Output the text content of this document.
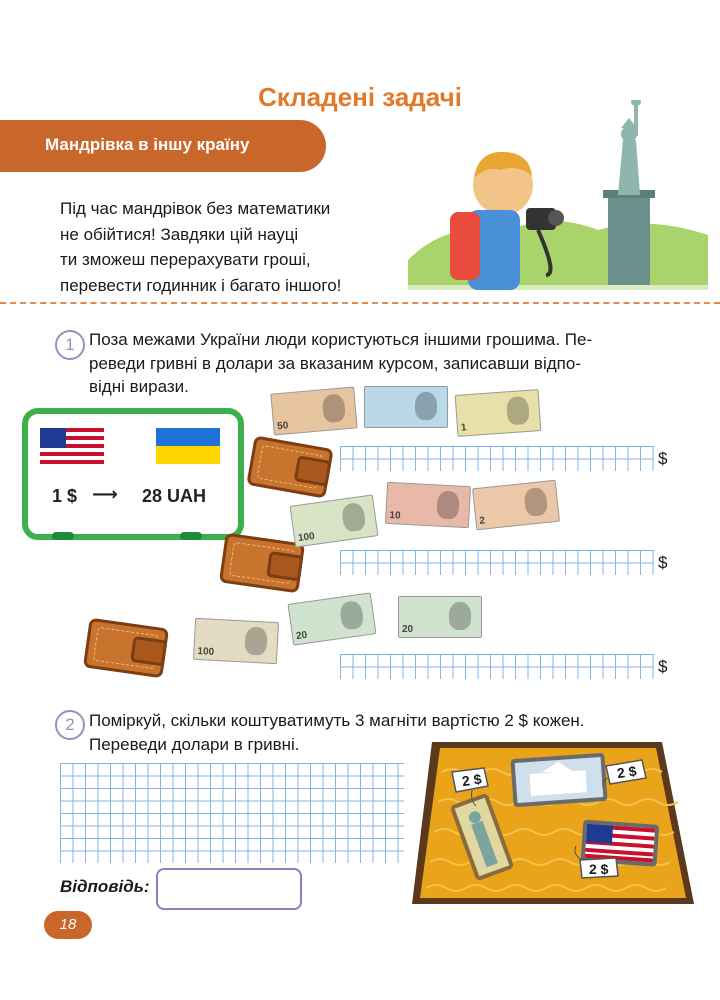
Складені задачі
Мандрівка в іншу країну
Під час мандрівок без математики
не обійтися! Завдяки цій науці
ти зможеш перерахувати гроші,
перевести годинник і багато іншого!
1 Поза межами України люди користуються іншими грошима. Пе-
реведи гривні в долари за вказаним курсом, записавши відпо-
відні вирази.
1 $ ⟶ 28 UAH
50	1
$
100
10	2
$
100
20
20
$
2 Поміркуй, скільки коштуватимуть 3 магніти вартістю 2 $ кожен.
Переведи долари в гривні.
2 $	2 $
2 $
Відповідь:
18
